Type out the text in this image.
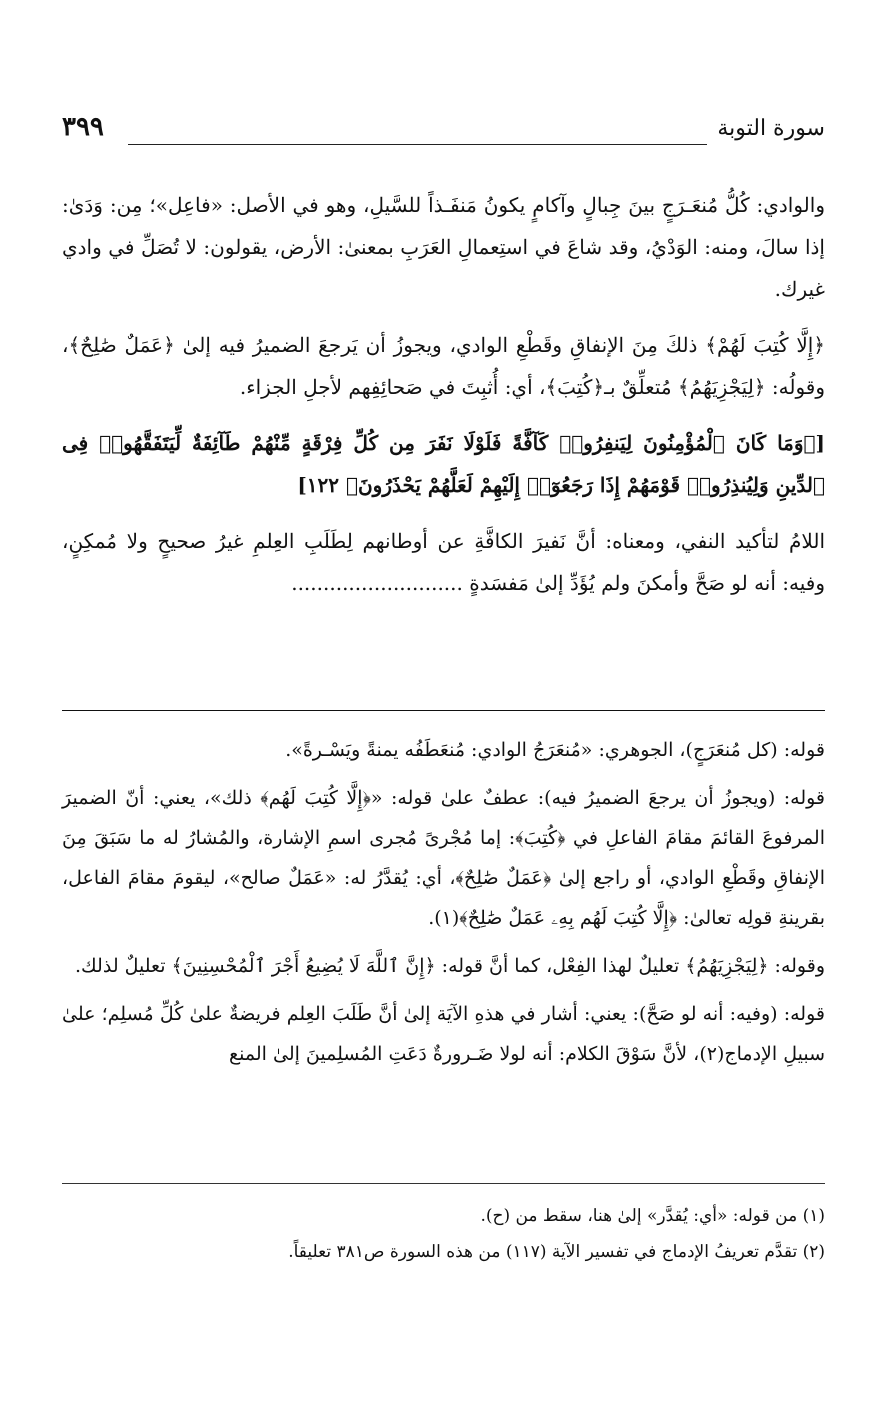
سورة التوبة
٣٩٩

والوادي: كُلُّ مُنعَـرَجٍ بينَ جِبالٍ وآكامٍ يكونُ مَنفَـذاً للسَّيلِ، وهو في الأصل: «فاعِل»؛ مِن: وَدَىٰ: إذا سالَ، ومنه: الوَدْيُ، وقد شاعَ في استِعمالِ العَرَبِ بمعنىٰ: الأرض، يقولون: لا تُصَلِّ في وادي غيرك.

﴿إِلَّا كُتِبَ لَهُمْ﴾ ذلكَ مِنَ الإنفاقِ وقَطْعِ الوادي، ويجوزُ أن يَرجعَ الضميرُ فيه إلىٰ ﴿عَمَلٌ صَٰلِحٌ﴾، وقولُه: ﴿لِيَجْزِيَهُمُ﴾ مُتعلِّقٌ بـ﴿كُتِبَ﴾، أي: أُثبِتَ في صَحائِفِهم لأجلِ الجزاء.

[﴿وَمَا كَانَ ٱلْمُؤْمِنُونَ لِيَنفِرُوا۟ كَآفَّةً فَلَوْلَا نَفَرَ مِن كُلِّ فِرْقَةٍ مِّنْهُمْ طَآئِفَةٌ لِّيَتَفَقَّهُوا۟ فِى ٱلدِّينِ وَلِيُنذِرُوا۟ قَوْمَهُمْ إِذَا رَجَعُوٓا۟ إِلَيْهِمْ لَعَلَّهُمْ يَحْذَرُونَ﴾ ١٢٢]

اللامُ لتأكيد النفي، ومعناه: أنَّ نَفيرَ الكافَّةِ عن أوطانهم لِطَلَبِ العِلمِ غيرُ صحيحٍ ولا مُمكِنٍ، وفيه: أنه لو صَحَّ وأمكنَ ولم يُؤَدِّ إلىٰ مَفسَدةٍ ...........................

قوله: (كل مُنعَرَجٍ)، الجوهري: «مُنعَرَجُ الوادي: مُنعَطَفُه يمنةً ويَسْـرةً».

قوله: (ويجوزُ أن يرجعَ الضميرُ فيه): عطفٌ علىٰ قوله: «﴿إِلَّا كُتِبَ لَهُم﴾ ذلك»، يعني: أنّ الضميرَ المرفوعَ القائمَ مقامَ الفاعلِ في ﴿كُتِبَ﴾: إما مُجْرىً مُجرى اسمِ الإشارة، والمُشارُ له ما سَبَقَ مِنَ الإنفاقِ وقَطْعِ الوادي، أو راجع إلىٰ ﴿عَمَلٌ صَٰلِحٌ﴾، أي: يُقدَّرُ له: «عَمَلٌ صالح»، ليقومَ مقامَ الفاعل، بقرينةِ قولِه تعالىٰ: ﴿إِلَّا كُتِبَ لَهُم بِهِۦ عَمَلٌ صَٰلِحٌ﴾(١).

وقوله: ﴿لِيَجْزِيَهُمُ﴾ تعليلٌ لهذا الفِعْل، كما أنَّ قوله: ﴿إِنَّ ٱللَّهَ لَا يُضِيعُ أَجْرَ ٱلْمُحْسِنِينَ﴾ تعليلٌ لذلك.

قوله: (وفيه: أنه لو صَحَّ): يعني: أشار في هذهِ الآيَة إلىٰ أنَّ طَلَبَ العِلم فريضةٌ علىٰ كُلِّ مُسلِم؛ علىٰ سبيلِ الإدماج(٢)، لأنَّ سَوْقَ الكلام: أنه لولا ضَـرورةٌ دَعَتِ المُسلِمينَ إلىٰ المنع

(١) من قوله: «أي: يُقدَّر» إلىٰ هنا، سقط من (ح).

(٢) تقدَّم تعريفُ الإدماج في تفسير الآية (١١٧) من هذه السورة ص٣٨١ تعليقاً.
